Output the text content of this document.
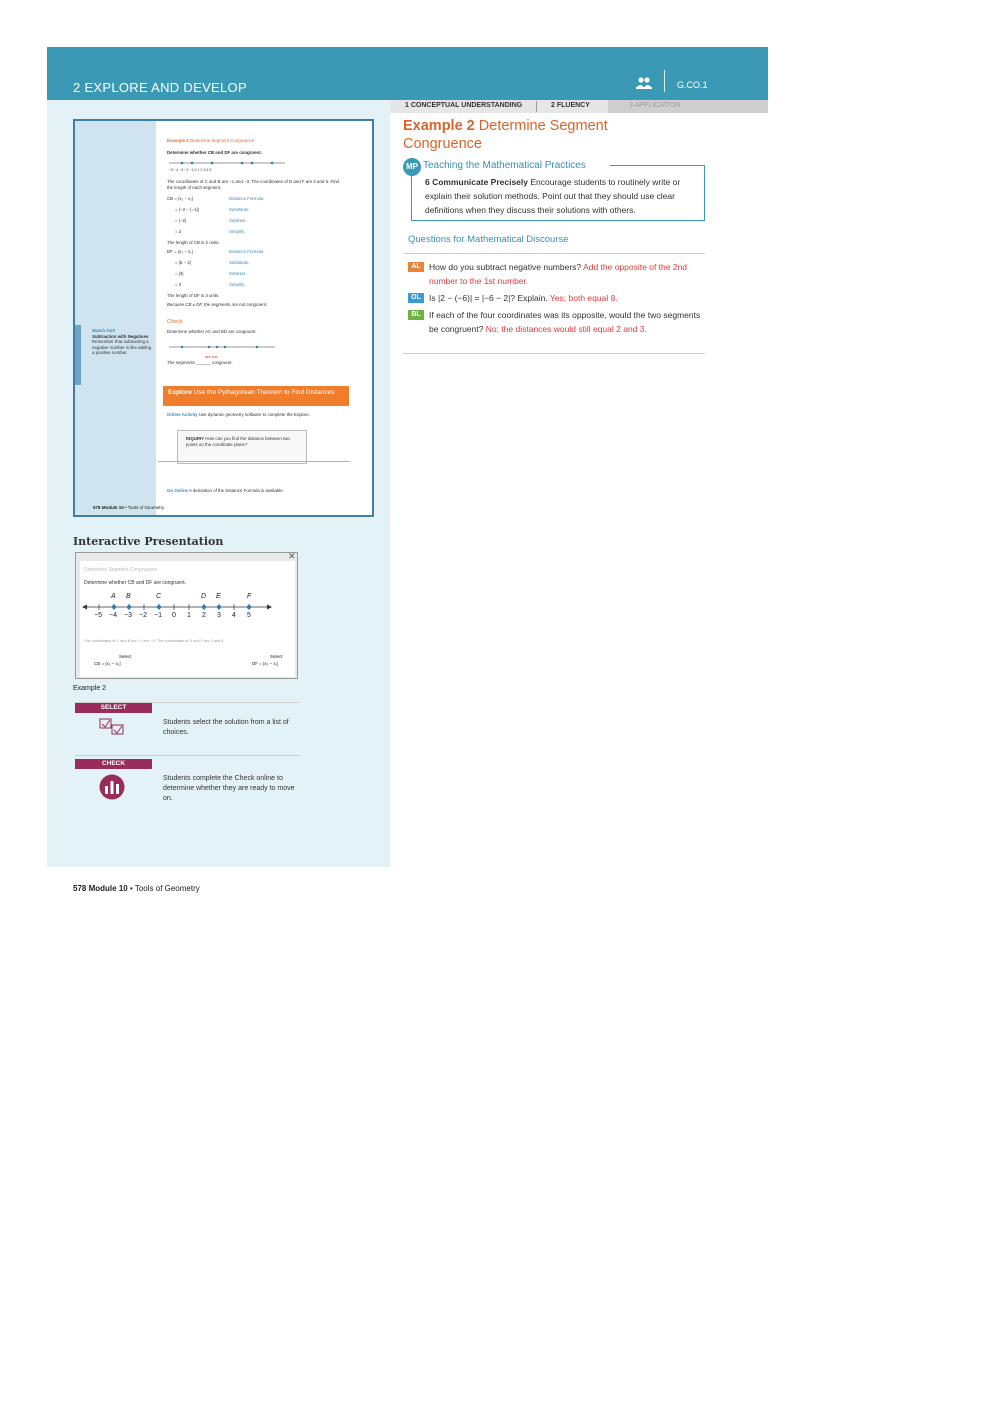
2 EXPLORE AND DEVELOP	G.CO.1
1 CONCEPTUAL UNDERSTANDING	2 FLUENCY	3 APPLICATION
Example 2 Determine Segment Congruence
Determine whether CB and DF are congruent.
−5 −4 −3 −2 −1 0 1 2 3 4 5
The coordinates of C and B are −1 and −3. The coordinates of D and F are 2 and 5. Find the length of each segment.
CB = |x₂ − x₁|	Distance Formula
= |−3 − (−1)|	Substitute.
= |−2|	Subtract.
= 2	Simplify.
The length of CB is 2 units.
DF = |x₂ − x₁|	Distance Formula
= |5 − 2|	Substitute.
= |3|	Subtract.
= 3	Simplify.
The length of DF is 3 units.
Because CB ≠ DF, the segments are not congruent.
Check
Determine whether AC and BD are congruent.
The segments ______ congruent.
are not
Watch Out!
Subtraction with Negatives
Remember that subtracting a negative number is like adding a positive number.
Explore Use the Pythagorean Theorem to Find Distances
Online Activity Use dynamic geometry software to complete the Explore.
INQUIRY How can you find the distance between two points on the coordinate plane?
Go Online A derivation of the Distance Formula is available.
578 Module 10 • Tools of Geometry
Interactive Presentation
✕
Determine Segment Congruence
Determine whether CB and DF are congruent.
A B	C	D E	F
−5 −4 −3 −2 −1 0 1 2 3 4 5
The coordinates of C and B are −1 and −3. The coordinates of D and F are 2 and 5.
Select	Select
CB = |x₂ − x₁|	DF = |x₂ − x₁|
Example 2
SELECT
Students select the solution from a list of choices.
CHECK
Students complete the Check online to determine whether they are ready to move on.
578 Module 10 • Tools of Geometry
Example 2 Determine Segment
Congruence
MP Teaching the Mathematical Practices
6 Communicate Precisely Encourage students to routinely write or explain their solution methods. Point out that they should use clear definitions when they discuss their solutions with others.
Questions for Mathematical Discourse
AL How do you subtract negative numbers? Add the opposite of the 2nd number to the 1st number.
OL Is |2 − (−6)| = |−6 − 2|? Explain. Yes; both equal 8.
BL If each of the four coordinates was its opposite, would the two segments be congruent? No; the distances would still equal 2 and 3.
